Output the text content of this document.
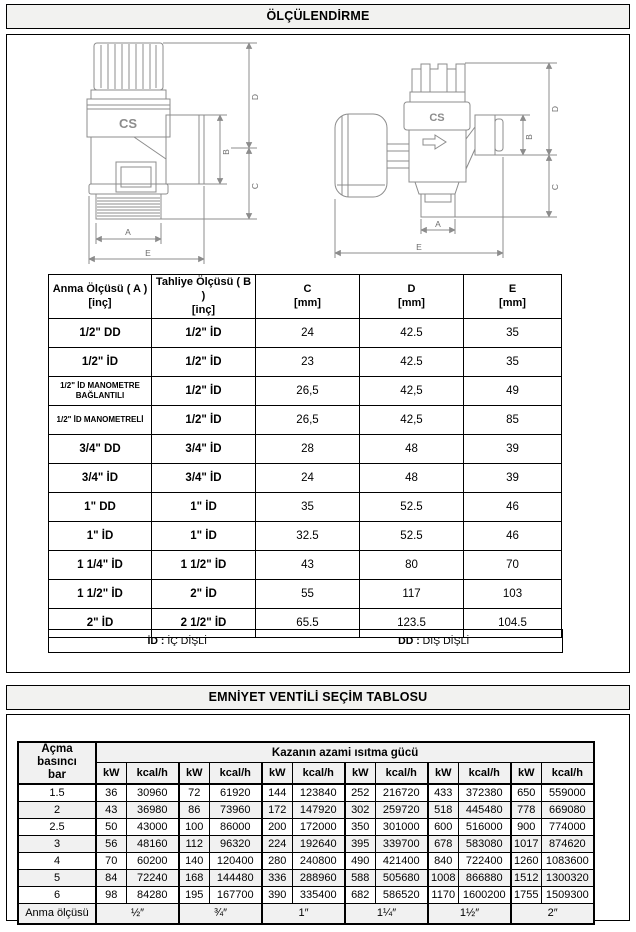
ÖLÇÜLENDİRME
CS
A
E
B
D
C
CS
A
E
B
D
C
Anma Ölçüsü ( A )
[inç]

Tahliye Ölçüsü ( B )
[inç]

C
[mm]

D
[mm]

E
[mm]

1/2" DD	1/2" İD	24	42.5	35
1/2" İD	1/2" İD	23	42.5	35
1/2" İD MANOMETRE BAĞLANTILI	1/2" İD	26,5	42,5	49
1/2" İD MANOMETRELİ	1/2" İD	26,5	42,5	85
3/4" DD	3/4" İD	28	48	39
3/4" İD	3/4" İD	24	48	39
1" DD	1" İD	35	52.5	46
1" İD	1" İD	32.5	52.5	46
1 1/4" İD	1 1/2" İD	43	80	70
1 1/2" İD	2" İD	55	117	103
2" İD	2 1/2" İD	65.5	123.5	104.5
İD : İÇ DİŞLİ	DD : DIŞ DİŞLİ
EMNİYET VENTİLİ SEÇİM TABLOSU
Açma basıncı
bar	Kazanın azami ısıtma gücü											
	kW	kcal/h	kW	kcal/h	kW	kcal/h	kW	kcal/h	kW	kcal/h	kW	kcal/h
1.5	36	30960	72	61920	144	123840	252	216720	433	372380	650	559000
2	43	36980	86	73960	172	147920	302	259720	518	445480	778	669080
2.5	50	43000	100	86000	200	172000	350	301000	600	516000	900	774000
3	56	48160	112	96320	224	192640	395	339700	678	583080	1017	874620
4	70	60200	140	120400	280	240800	490	421400	840	722400	1260	1083600
5	84	72240	168	144480	336	288960	588	505680	1008	866880	1512	1300320
6	98	84280	195	167700	390	335400	682	586520	1170	1600200	1755	1509300
Anma ölçüsü	½″		¾″		1″		1¼″		1½″		2″	
